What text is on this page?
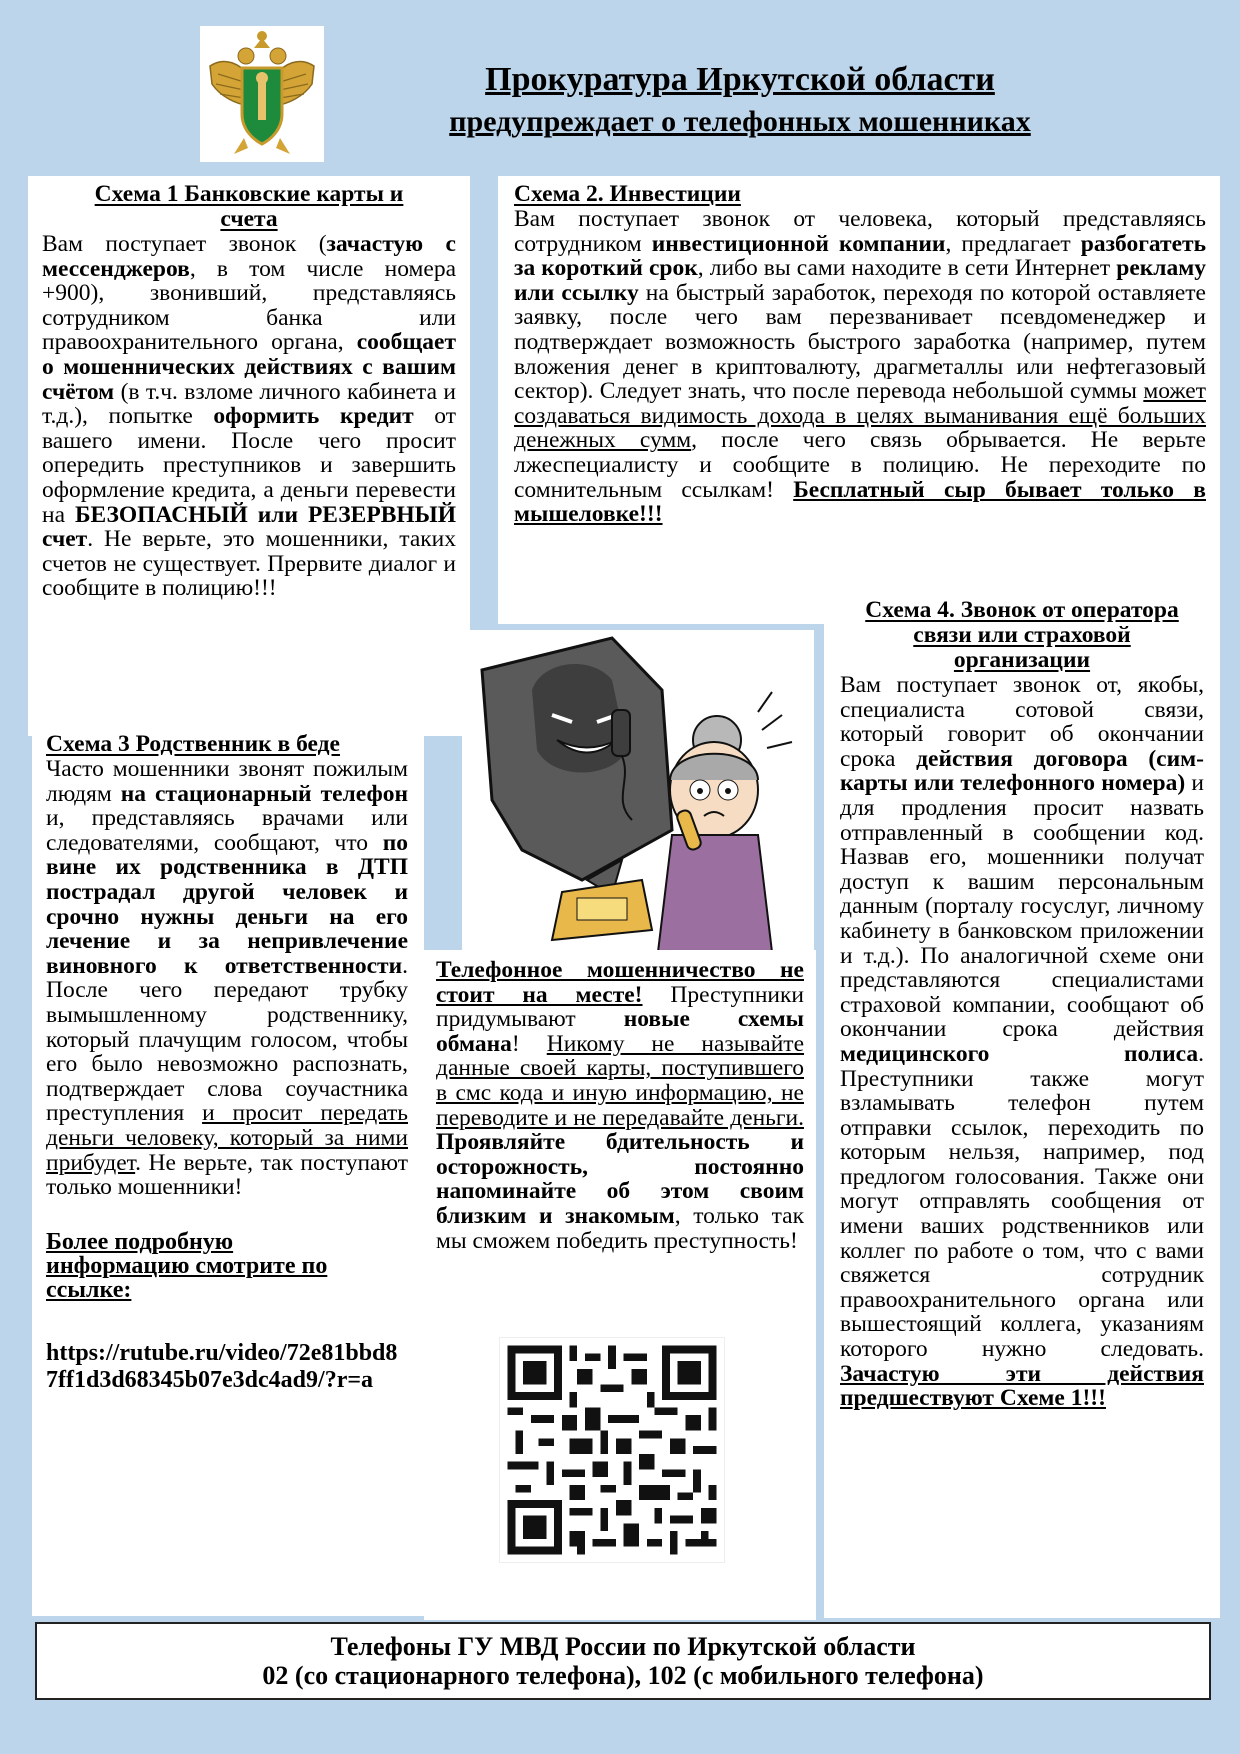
Прокуратура Иркутской области
предупреждает о телефонных мошенниках
Схема 1 Банковские карты и счета
Вам поступает звонок (зачастую с мессенджеров, в том числе номера +900), звонивший, представляясь сотрудником банка или правоохранительного органа, сообщает о мошеннических действиях с вашим счётом (в т.ч. взломе личного кабинета и т.д.), попытке оформить кредит от вашего имени. После чего просит опередить преступников и завершить оформление кредита, а деньги перевести на БЕЗОПАСНЫЙ или РЕЗЕРВНЫЙ счет. Не верьте, это мошенники, таких счетов не существует. Прервите диалог и сообщите в полицию!!!
Схема 2. Инвестиции
Вам поступает звонок от человека, который представляясь сотрудником инвестиционной компании, предлагает разбогатеть за короткий срок, либо вы сами находите в сети Интернет рекламу или ссылку на быстрый заработок, переходя по которой оставляете заявку, после чего вам перезванивает псевдоменеджер и подтверждает возможность быстрого заработка (например, путем вложения денег в криптовалюту, драгметаллы или нефтегазовый сектор). Следует знать, что после перевода небольшой суммы может создаваться видимость дохода в целях выманивания ещё больших денежных сумм, после чего связь обрывается. Не верьте лжеспециалисту и сообщите в полицию. Не переходите по сомнительным ссылкам! Бесплатный сыр бывает только в мышеловке!!!
Схема 3 Родственник в беде
Часто мошенники звонят пожилым людям на стационарный телефон и, представляясь врачами или следователями, сообщают, что по вине их родственника в ДТП пострадал другой человек и срочно нужны деньги на его лечение и за непривлечение виновного к ответственности. После чего передают трубку вымышленному родственнику, который плачущим голосом, чтобы его было невозможно распознать, подтверждает слова соучастника преступления и просит передать деньги человеку, который за ними прибудет. Не верьте, так поступают только мошенники!
Более подробную информацию смотрите по ссылке:
https://rutube.ru/video/72e81bbd87ff1d3d68345b07e3dc4ad9/?r=a
Телефонное мошенничество не стоит на месте! Преступники придумывают новые схемы обмана! Никому не называйте данные своей карты, поступившего в смс кода и иную информацию, не переводите и не передавайте деньги. Проявляйте бдительность и осторожность, постоянно напоминайте об этом своим близким и знакомым, только так мы сможем победить преступность!
Схема 4. Звонок от оператора связи или страховой организации
Вам поступает звонок от, якобы, специалиста сотовой связи, который говорит об окончании срока действия договора (сим-карты или телефонного номера) и для продления просит назвать отправленный в сообщении код. Назвав его, мошенники получат доступ к вашим персональным данным (порталу госуслуг, личному кабинету в банковском приложении и т.д.). По аналогичной схеме они представляются специалистами страховой компании, сообщают об окончании срока действия медицинского полиса. Преступники также могут взламывать телефон путем отправки ссылок, переходить по которым нельзя, например, под предлогом голосования. Также они могут отправлять сообщения от имени ваших родственников или коллег по работе о том, что с вами свяжется сотрудник правоохранительного органа или вышестоящий коллега, указаниям которого нужно следовать. Зачастую эти действия предшествуют Схеме 1!!!
Телефоны ГУ МВД России по Иркутской области
02 (со стационарного телефона), 102 (с мобильного телефона)
